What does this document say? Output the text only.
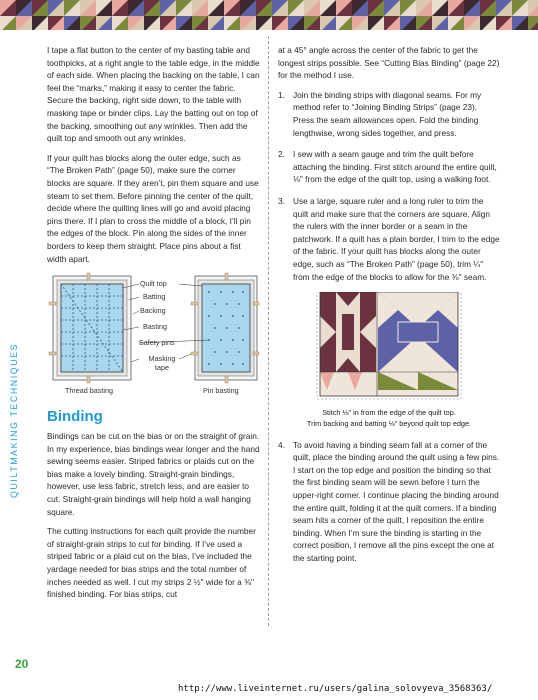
I tape a flat button to the center of my basting table and toothpicks, at a right angle to the table edge, in the middle of each side. When placing the backing on the table, I can feel the “marks,” making it easy to center the fabric. Secure the backing, right side down, to the table with masking tape or binder clips. Lay the batting out on top of the backing, smoothing out any wrinkles. Then add the quilt top and smooth out any wrinkles.

If your quilt has blocks along the outer edge, such as “The Broken Path” (page 50), make sure the corner blocks are square. If they aren’t, pin them square and use steam to set them. Before pinning the center of the quilt, decide where the quilting lines will go and avoid placing pins there. If I plan to cross the middle of a block, I’ll pin the edges of the block. Pin along the sides of the inner borders to keep them straight. Place pins about a fist width apart.

Quilt top
Batting
Backing
Basting
Safety pins
Masking tape
Thread basting	Pin basting
Binding

Bindings can be cut on the bias or on the straight of grain. In my experience, bias bindings wear longer and the hand sewing seems easier. Striped fabrics or plaids cut on the bias make a lovely binding. Straight-grain bindings, however, use less fabric, stretch less, and are easier to cut. Straight-grain bindings will help hold a wall hanging square.

The cutting instructions for each quilt provide the number of straight-grain strips to cut for binding. If I’ve used a striped fabric or a plaid cut on the bias, I’ve included the yardage needed for bias strips and the total number of inches needed as well. I cut my strips 2 ½" wide for a ⅜" finished binding. For bias strips, cut

at a 45° angle across the center of the fabric to get the longest strips possible. See “Cutting Bias Binding” (page 22) for the method I use.

1. Join the binding strips with diagonal seams. For my method refer to “Joining Binding Strips” (page 23). Press the seam allowances open. Fold the binding lengthwise, wrong sides together, and press.
2. I sew with a seam gauge and trim the quilt before attaching the binding. First stitch around the entire quilt, ⅛" from the edge of the quilt top, using a walking foot.
3. Use a large, square ruler and a long ruler to trim the quilt and make sure that the corners are square. Align the rulers with the inner border or a seam in the patchwork. If a quilt has a plain border, I trim to the edge of the fabric. If your quilt has blocks along the outer edge, such as “The Broken Path” (page 50), trim ¼" from the edge of the blocks to allow for the ⅜" seam.
Stitch ⅛" in from the edge of the quilt top.
Trim backing and batting ⅛" beyond quilt top edge.
4. To avoid having a binding seam fall at a corner of the quilt, place the binding around the quilt using a few pins. I start on the top edge and position the binding so that the first binding seam will be sewn before I turn the upper-right corner. I continue placing the binding around the entire quilt, folding it at the quilt corners. If a binding seam hits a corner of the quilt, I reposition the entire binding. When I’m sure the binding is starting in the correct position, I remove all the pins except the one at the starting point.
QUILTMAKING TECHNIQUES
20
http://www.liveinternet.ru/users/galina_solovyeva_3568363/
